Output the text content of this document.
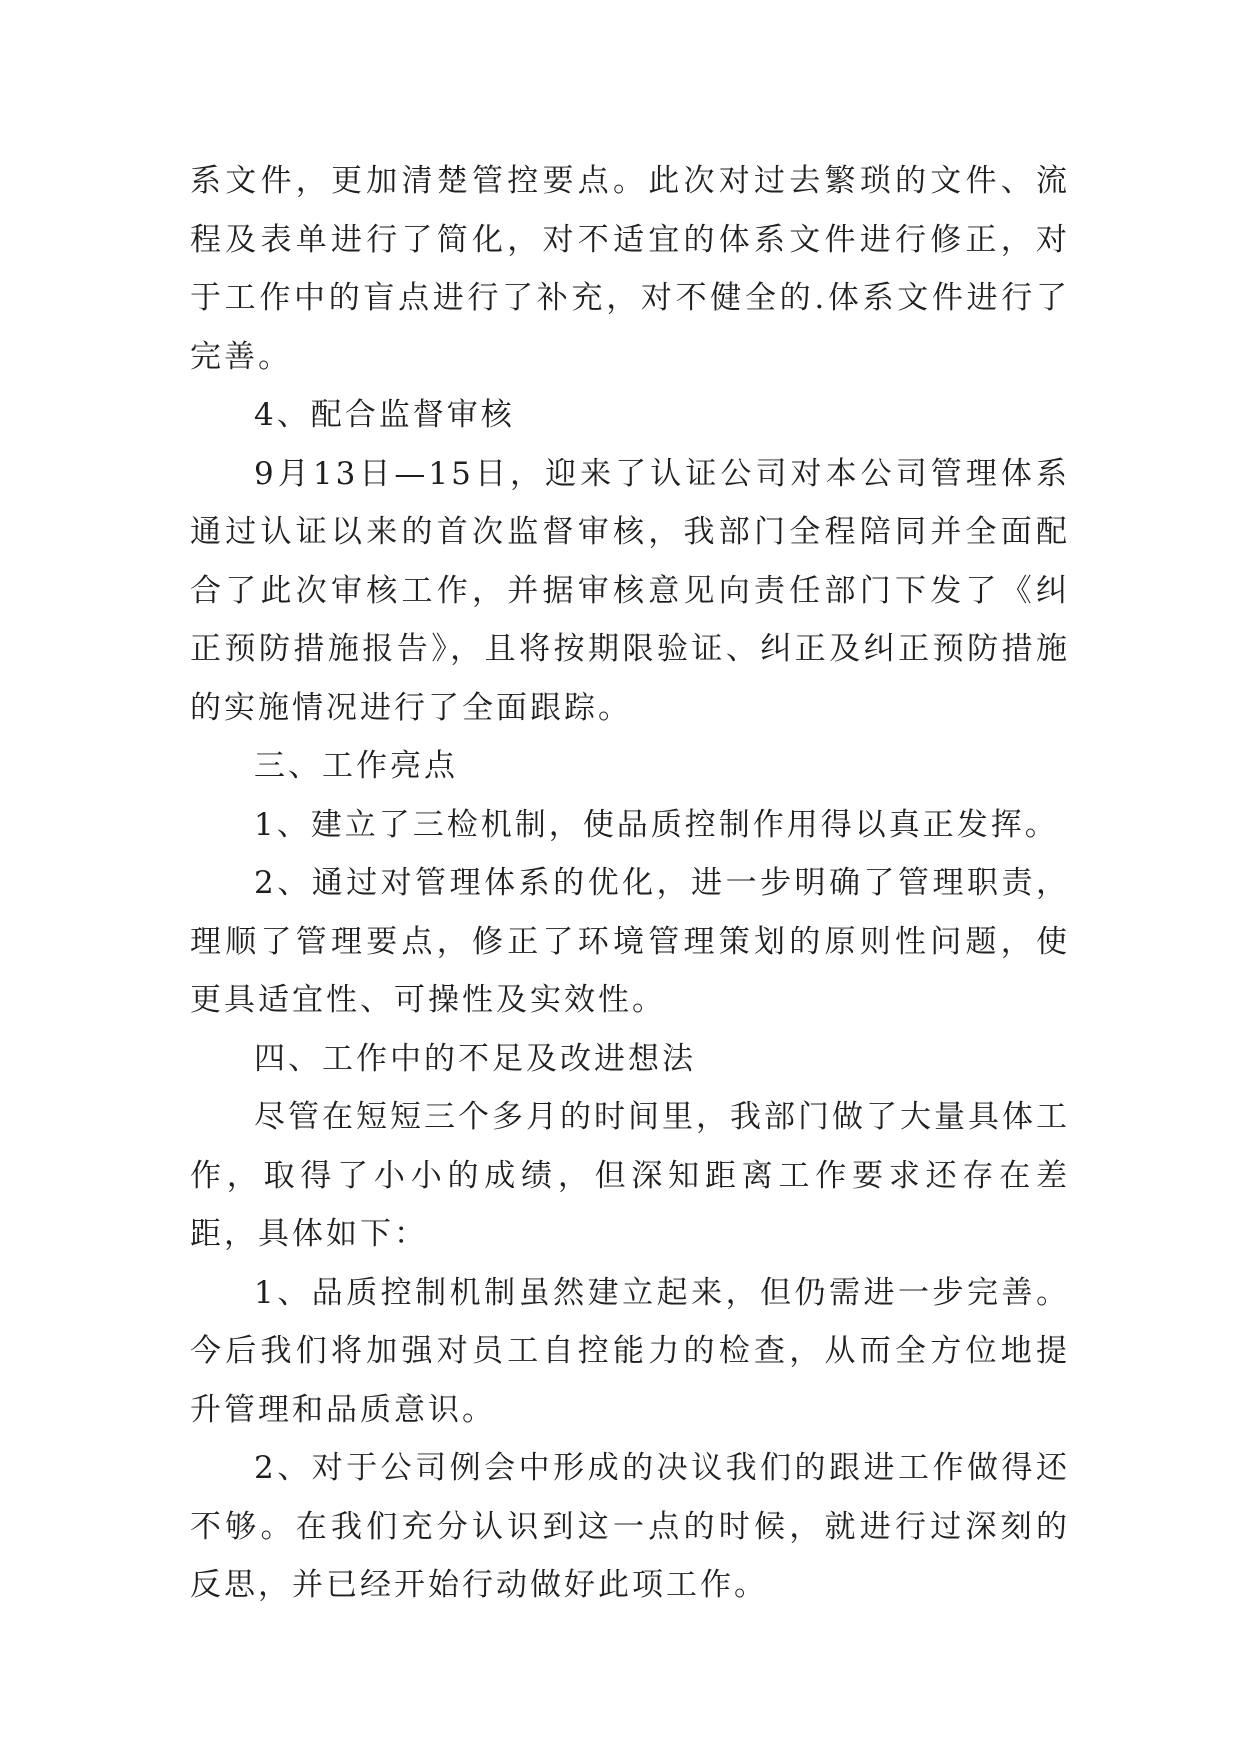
系文件，更加清楚管控要点。此次对过去繁琐的文件、流程及表单进行了简化，对不适宜的体系文件进行修正，对于工作中的盲点进行了补充，对不健全的.体系文件进行了完善。

4、配合监督审核

9月13日—15日，迎来了认证公司对本公司管理体系通过认证以来的首次监督审核，我部门全程陪同并全面配合了此次审核工作，并据审核意见向责任部门下发了《纠正预防措施报告》，且将按期限验证、纠正及纠正预防措施的实施情况进行了全面跟踪。

三、工作亮点

1、建立了三检机制，使品质控制作用得以真正发挥。

2、通过对管理体系的优化，进一步明确了管理职责，理顺了管理要点，修正了环境管理策划的原则性问题，使更具适宜性、可操性及实效性。

四、工作中的不足及改进想法

尽管在短短三个多月的时间里，我部门做了大量具体工作，取得了小小的成绩，但深知距离工作要求还存在差距，具体如下：

1、品质控制机制虽然建立起来，但仍需进一步完善。今后我们将加强对员工自控能力的检查，从而全方位地提升管理和品质意识。

2、对于公司例会中形成的决议我们的跟进工作做得还不够。在我们充分认识到这一点的时候，就进行过深刻的反思，并已经开始行动做好此项工作。
